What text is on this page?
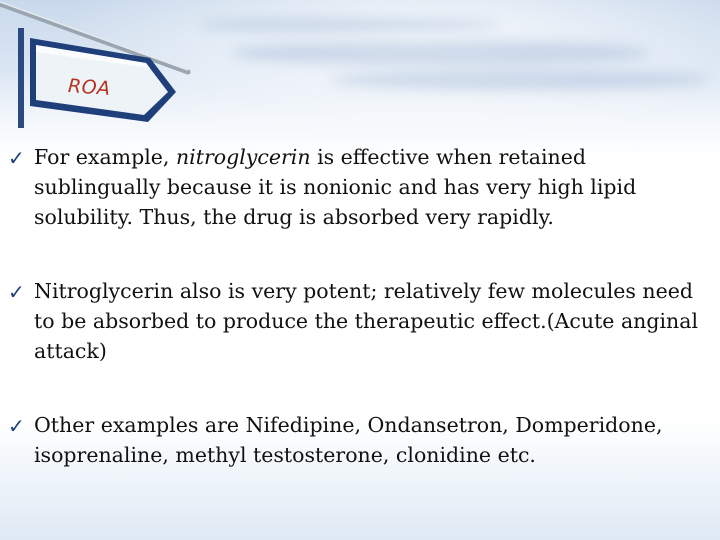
ROA
✓ For example, nitroglycerin is effective when retained sublingually because it is nonionic and has very high lipid solubility. Thus, the drug is absorbed very rapidly.
✓ Nitroglycerin also is very potent; relatively few molecules need to be absorbed to produce the therapeutic effect.(Acute anginal attack)
✓ Other examples are Nifedipine, Ondansetron, Domperidone, isoprenaline, methyl testosterone, clonidine etc.
